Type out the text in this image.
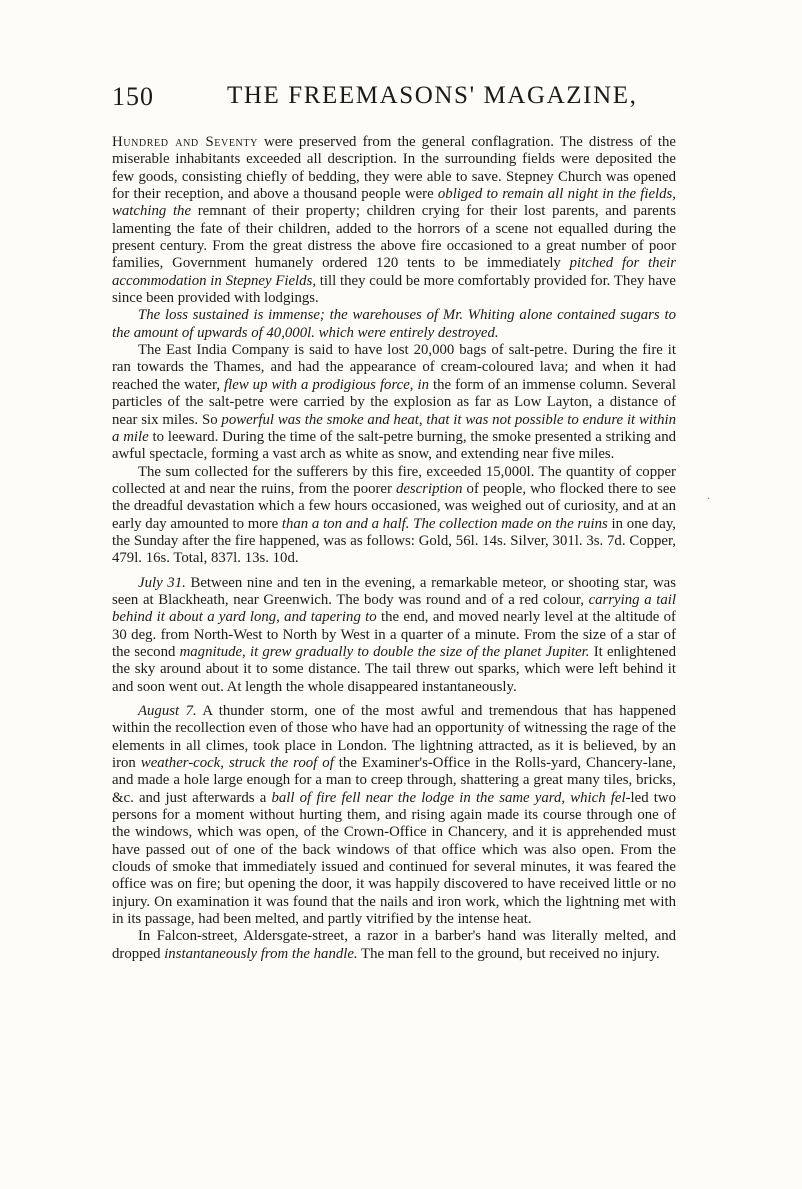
150	THE FREEMASONS' MAGAZINE,

Hundred and Seventy were preserved from the general conflagration. The distress of the miserable inhabitants exceeded all description. In the surrounding fields were deposited the few goods, consisting chiefly of bedding, they were able to save. Stepney Church was opened for their reception, and above a thousand people were obliged to remain all night in the fields, watching the remnant of their property; children crying for their lost parents, and parents lamenting the fate of their children, added to the horrors of a scene not equalled during the present century. From the great distress the above fire occasioned to a great number of poor families, Government humanely ordered 120 tents to be immediately pitched for their accommodation in Stepney Fields, till they could be more comfortably provided for. They have since been provided with lodgings.

The loss sustained is immense; the warehouses of Mr. Whiting alone contained sugars to the amount of upwards of 40,000l. which were entirely destroyed.

The East India Company is said to have lost 20,000 bags of salt-petre. During the fire it ran towards the Thames, and had the appearance of cream-coloured lava; and when it had reached the water, flew up with a prodigious force, in the form of an immense column. Several particles of the salt-petre were carried by the explosion as far as Low Layton, a distance of near six miles. So powerful was the smoke and heat, that it was not possible to endure it within a mile to leeward. During the time of the salt-petre burning, the smoke presented a striking and awful spectacle, forming a vast arch as white as snow, and extending near five miles.

The sum collected for the sufferers by this fire, exceeded 15,000l. The quantity of copper collected at and near the ruins, from the poorer description of people, who flocked there to see the dreadful devastation which a few hours occasioned, was weighed out of curiosity, and at an early day amounted to more than a ton and a half. The collection made on the ruins in one day, the Sunday after the fire happened, was as follows: Gold, 56l. 14s. Silver, 301l. 3s. 7d. Copper, 479l. 16s. Total, 837l. 13s. 10d.

July 31. Between nine and ten in the evening, a remarkable meteor, or shooting star, was seen at Blackheath, near Greenwich. The body was round and of a red colour, carrying a tail behind it about a yard long, and tapering to the end, and moved nearly level at the altitude of 30 deg. from North-West to North by West in a quarter of a minute. From the size of a star of the second magnitude, it grew gradually to double the size of the planet Jupiter. It enlightened the sky around about it to some distance. The tail threw out sparks, which were left behind it and soon went out. At length the whole disappeared instantaneously.

August 7. A thunder storm, one of the most awful and tremendous that has happened within the recollection even of those who have had an opportunity of witnessing the rage of the elements in all climes, took place in London. The lightning attracted, as it is believed, by an iron weather-cock, struck the roof of the Examiner's-Office in the Rolls-yard, Chancery-lane, and made a hole large enough for a man to creep through, shattering a great many tiles, bricks, &c. and just afterwards a ball of fire fell near the lodge in the same yard, which fel-led two persons for a moment without hurting them, and rising again made its course through one of the windows, which was open, of the Crown-Office in Chancery, and it is apprehended must have passed out of one of the back windows of that office which was also open. From the clouds of smoke that immediately issued and continued for several minutes, it was feared the office was on fire; but opening the door, it was happily discovered to have received little or no injury. On examination it was found that the nails and iron work, which the lightning met with in its passage, had been melted, and partly vitrified by the intense heat.

In Falcon-street, Aldersgate-street, a razor in a barber's hand was literally melted, and dropped instantaneously from the handle. The man fell to the ground, but received no injury.

·
